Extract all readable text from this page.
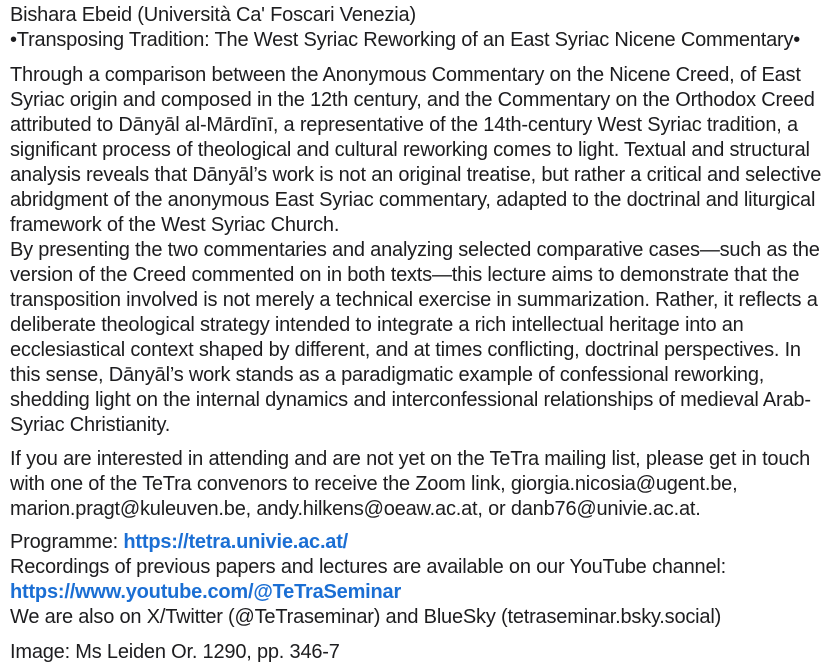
Bishara Ebeid (Università Ca' Foscari Venezia)
•Transposing Tradition: The West Syriac Reworking of an East Syriac Nicene Commentary•

Through a comparison between the Anonymous Commentary on the Nicene Creed, of East Syriac origin and composed in the 12th century, and the Commentary on the Orthodox Creed attributed to Dānyāl al-Mārdīnī, a representative of the 14th-century West Syriac tradition, a significant process of theological and cultural reworking comes to light. Textual and structural analysis reveals that Dānyāl’s work is not an original treatise, but rather a critical and selective abridgment of the anonymous East Syriac commentary, adapted to the doctrinal and liturgical framework of the West Syriac Church.

By presenting the two commentaries and analyzing selected comparative cases—such as the version of the Creed commented on in both texts—this lecture aims to demonstrate that the transposition involved is not merely a technical exercise in summarization. Rather, it reflects a deliberate theological strategy intended to integrate a rich intellectual heritage into an ecclesiastical context shaped by different, and at times conflicting, doctrinal perspectives. In this sense, Dānyāl’s work stands as a paradigmatic example of confessional reworking, shedding light on the internal dynamics and interconfessional relationships of medieval Arab-Syriac Christianity.

If you are interested in attending and are not yet on the TeTra mailing list, please get in touch with one of the TeTra convenors to receive the Zoom link, giorgia.nicosia@ugent.be, marion.pragt@kuleuven.be, andy.hilkens@oeaw.ac.at, or danb76@univie.ac.at.

Programme: https://tetra.univie.ac.at/
Recordings of previous papers and lectures are available on our YouTube channel:
https://www.youtube.com/@TeTraSeminar
We are also on X/Twitter (@TeTraseminar) and BlueSky (tetraseminar.bsky.social)

Image: Ms Leiden Or. 1290, pp. 346-7
